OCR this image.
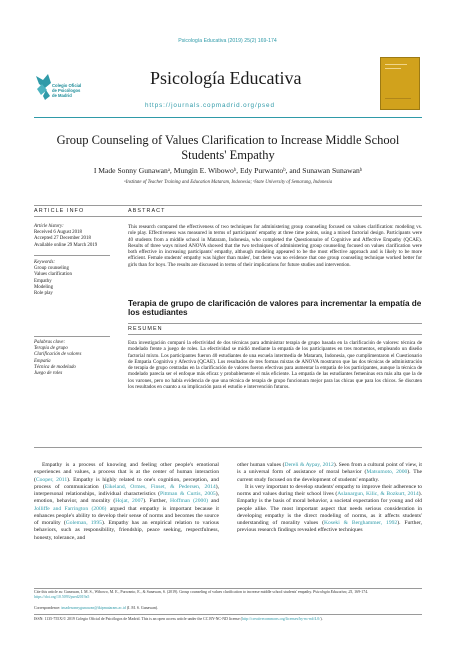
Psicología Educativa (2019) 25(2) 169-174
Colegio Oficial
de Psicólogos
de Madrid
Psicología Educativa
https://journals.copmadrid.org/psed
Group Counseling of Values Clarification to Increase Middle School Students' Empathy
I Made Sonny Gunawanᵃ, Mungin E. Wibowoᵇ, Edy Purwantoᵇ, and Sunawan Sunawanᵇ
ᵃInstitute of Teacher Training and Education Mataram, Indonesia; ᵇState University of Semarang, Indonesia
ARTICLE INFO
Article history:
Received 6 August 2018
Accepted 27 December 2018
Available online 29 March 2019
Keywords:
Group counseling
Values clarification
Empathy
Modeling
Role play
Palabras clave:
Terapia de grupo
Clarificación de valores
Empatía
Técnica de modelado
Juego de roles
ABSTRACT
This research compared the effectiveness of two techniques for administering group counseling focused on values clarification: modeling vs. role play. Effectiveness was measured in terms of participants' empathy at three time points, using a mixed factorial design. Participants were 40 students from a middle school in Mataram, Indonesia, who completed the Questionnaire of Cognitive and Affective Empathy (QCAE). Results of three ways mixed ANOVA showed that the two techniques of administering group counseling focused on values clarification were both effective in increasing participants' empathy, although modeling appeared to be the most effective approach and is likely to be more efficient. Female students' empathy was higher than males', but there was no evidence that one group counseling technique worked better for girls than for boys. The results are discussed in terms of their implications for future studies and intervention.
Terapia de grupo de clarificación de valores para incrementar la empatía de los estudiantes
RESUMEN
Esta investigación comparó la efectividad de dos técnicas para administrar terapia de grupo basada en la clarificación de valores: técnica de modelado frente a juego de roles. La efectividad se midió mediante la empatía de los participantes en tres momentos, empleando un diseño factorial mixto. Los participantes fueron 40 estudiantes de una escuela intermedia de Mataram, Indonesia, que cumplimentaron el Cuestionario de Empatía Cognitiva y Afectiva (QCAE). Los resultados de tres formas mixtas de ANOVA mostraron que las dos técnicas de administración de terapia de grupo centradas en la clarificación de valores fueron efectivas para aumentar la empatía de los participantes, aunque la técnica de modelado parecía ser el enfoque más eficaz y probablemente el más eficiente. La empatía de las estudiantes femeninas era más alta que la de los varones, pero no había evidencia de que una técnica de terapia de grupo funcionara mejor para las chicas que para los chicos. Se discuten los resultados en cuanto a su implicación para el estudio e intervención futuros.

Empathy is a process of knowing and feeling other people's emotional experiences and values, a process that is at the center of human interaction (Cooper, 2011). Empathy is highly related to one's cognition, perception, and process of communication (Eikeland, Ormes, Finset, & Pedersen, 2014), interpersonal relationships, individual characteristics (Pittman & Curtis, 2005), emotion, behavior, and morality (Hojat, 2007). Further, Hoffman (2000) and Jolliffe and Farrington (2006) argued that empathy is important because it enhances people's ability to develop their sense of norms and becomes the source of morality (Goleman, 1995). Empathy has an empirical relation to various behaviors, such as responsibility, friendship, peace seeking, respectfulness, honesty, tolerance, and

other human values (Dereli & Aypay, 2012). Seen from a cultural point of view, it is a universal form of assistance of moral behavior (Matsumoto, 2000). The current study focused on the development of students' empathy.

It is very important to develop students' empathy to improve their adherence to norms and values during their school lives (Aslanargun, Kilic, & Bozkurt, 2014). Empathy is the basis of moral behavior, a societal expectation for young and old people alike. The most important aspect that needs serious consideration in developing empathy is the direct modeling of norms, as it affects students' understanding of morality values (Koseki & Berghammer, 1992). Further, previous research findings revealed effective techniques

Cite this article as: Gunawan, I. M. S., Wibowo, M. E., Purwanto, E., & Sunawan, S. (2019). Group counseling of values clarification to increase middle school students' empathy. Psicología Educativa, 25, 169-174. https://doi.org/10.5093/psed2019a5
Correspondence: imadesonnygunawan@ikipmataram.ac.id (I. M. S. Gunawan).
ISSN: 1135-755X/© 2019 Colegio Oficial de Psicólogos de Madrid. This is an open access article under the CC BY-NC-ND license (http://creativecommons.org/licenses/by-nc-nd/4.0/).
